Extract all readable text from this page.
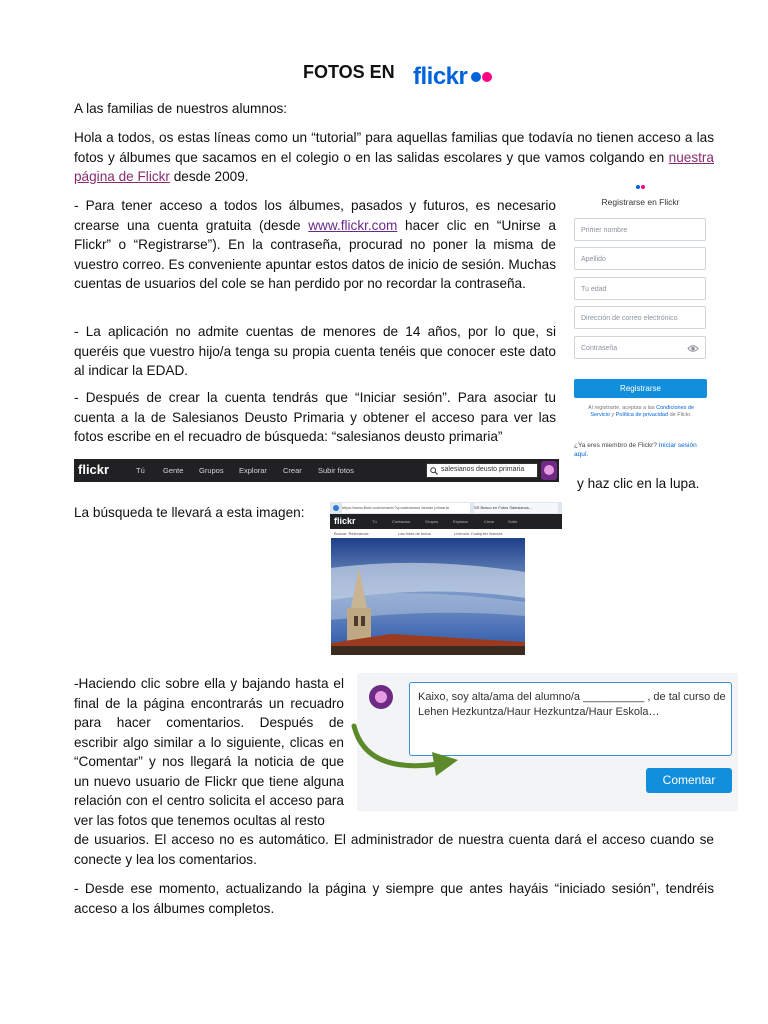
FOTOS EN flickr

A las familias de nuestros alumnos:

Hola a todos, os estas líneas como un “tutorial” para aquellas familias que todavía no tienen acceso a las fotos y álbumes que sacamos en el colegio o en las salidas escolares y que vamos colgando en nuestra página de Flickr desde 2009.

- Para tener acceso a todos los álbumes, pasados y futuros, es necesario crearse una cuenta gratuita (desde www.flickr.com hacer clic en “Unirse a Flickr” o “Registrarse”). En la contraseña, procurad no poner la misma de vuestro correo. Es conveniente apuntar estos datos de inicio de sesión. Muchas cuentas de usuarios del cole se han perdido por no recordar la contraseña.

- La aplicación no admite cuentas de menores de 14 años, por lo que, si queréis que vuestro hijo/a tenga su propia cuenta tenéis que conocer este dato al indicar la EDAD.

- Después de crear la cuenta tendrás que “Iniciar sesión”. Para asociar tu cuenta a la de Salesianos Deusto Primaria y obtener el acceso para ver las fotos escribe en el recuadro de búsqueda: “salesianos deusto primaria”

Registrarse en Flickr
Primer nombre
Apellido
Tu edad
Dirección de correo electrónico
Contraseña
Registrarse
Al registrarte, aceptas a las Condiciones de Servicio y Política de privacidad de Flickr.
¿Ya eres miembro de Flickr? Iniciar sesión aquí.
flickr	Tú Gente Grupos Explorar Crear Subir fotos	salesianos deusto primaria
y haz clic en la lupa.
La búsqueda te llevará a esta imagen:	https://www.flickr.com/search/?q=salesianos deusto primaria	SS Bosco en Fotos Salesianos...
flickr	Tú	Contactos	Grupos	Explorar	Crear	Subir
Buscar: Relevancia	Las fotos de todos	Licencia: Cualquier licencia

-Haciendo clic sobre ella y bajando hasta el final de la página encontrarás un recuadro para hacer comentarios. Después de escribir algo similar a lo siguiente, clicas en “Comentar” y nos llegará la noticia de que un nuevo usuario de Flickr que tiene alguna relación con el centro solicita el acceso para ver las fotos que tenemos ocultas al resto

de usuarios. El acceso no es automático. El administrador de nuestra cuenta dará el acceso cuando se conecte y lea los comentarios.

Kaixo, soy alta/ama del alumno/a __________ , de tal curso de
Lehen Hezkuntza/Haur Hezkuntza/Haur Eskola…
Comentar

- Desde ese momento, actualizando la página y siempre que antes hayáis “iniciado sesión”, tendréis acceso a los álbumes completos.
